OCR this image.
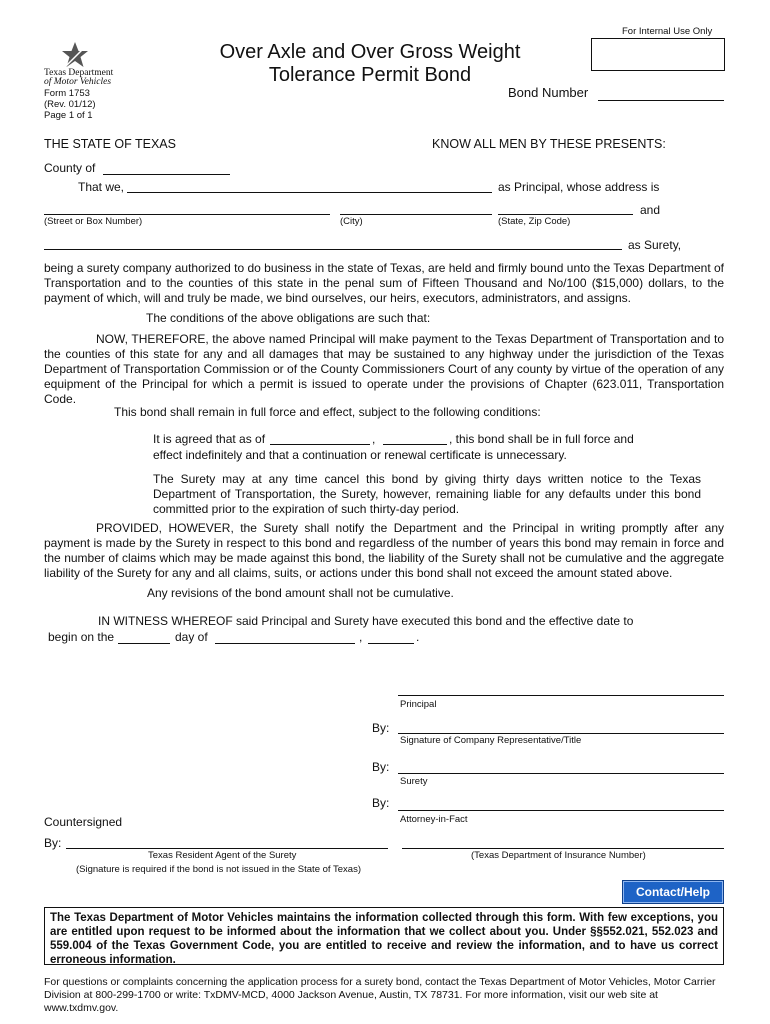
For Internal Use Only
Texas Department
of Motor Vehicles
Form 1753
(Rev. 01/12)
Page 1 of 1
Over Axle and Over Gross Weight
Tolerance Permit Bond
Bond Number
THE STATE OF TEXAS	KNOW ALL MEN BY THESE PRESENTS:
County of
That we,	as Principal, whose address is
and
(Street or Box Number)	(City)	(State, Zip Code)
as Surety,
being a surety company authorized to do business in the state of Texas, are held and firmly bound unto the Texas Department of Transportation and to the counties of this state in the penal sum of Fifteen Thousand and No/100 ($15,000) dollars, to the payment of which, will and truly be made, we bind ourselves, our heirs, executors, administrators, and assigns.
The conditions of the above obligations are such that:
NOW, THEREFORE, the above named Principal will make payment to the Texas Department of Transportation and to the counties of this state for any and all damages that may be sustained to any highway under the jurisdiction of the Texas Department of Transportation Commission or of the County Commissioners Court of any county by virtue of the operation of any equipment of the Principal for which a permit is issued to operate under the provisions of Chapter (623.011, Transportation Code.
This bond shall remain in full force and effect, subject to the following conditions:
It is agreed that as of	,	, this bond shall be in full force and
effect indefinitely and that a continuation or renewal certificate is unnecessary.
The Surety may at any time cancel this bond by giving thirty days written notice to the Texas Department of Transportation, the Surety, however, remaining liable for any defaults under this bond committed prior to the expiration of such thirty-day period.
PROVIDED, HOWEVER, the Surety shall notify the Department and the Principal in writing promptly after any payment is made by the Surety in respect to this bond and regardless of the number of years this bond may remain in force and the number of claims which may be made against this bond, the liability of the Surety shall not be cumulative and the aggregate liability of the Surety for any and all claims, suits, or actions under this bond shall not exceed the amount stated above.
Any revisions of the bond amount shall not be cumulative.
IN WITNESS WHEREOF said Principal and Surety have executed this bond and the effective date to
begin on the	day of	,	.
Principal
By:
Signature of Company Representative/Title
By:
Surety
By:
Attorney-in-Fact
Countersigned
By:
Texas Resident Agent of the Surety	(Texas Department of Insurance Number)
(Signature is required if the bond is not issued in the State of Texas)
Contact/Help
The Texas Department of Motor Vehicles maintains the information collected through this form. With few exceptions, you are entitled upon request to be informed about the information that we collect about you. Under §§552.021, 552.023 and 559.004 of the Texas Government Code, you are entitled to receive and review the information, and to have us correct erroneous information.
For questions or complaints concerning the application process for a surety bond, contact the Texas Department of Motor Vehicles, Motor Carrier Division at 800-299-1700 or write: TxDMV-MCD, 4000 Jackson Avenue, Austin, TX 78731. For more information, visit our web site at www.txdmv.gov.
